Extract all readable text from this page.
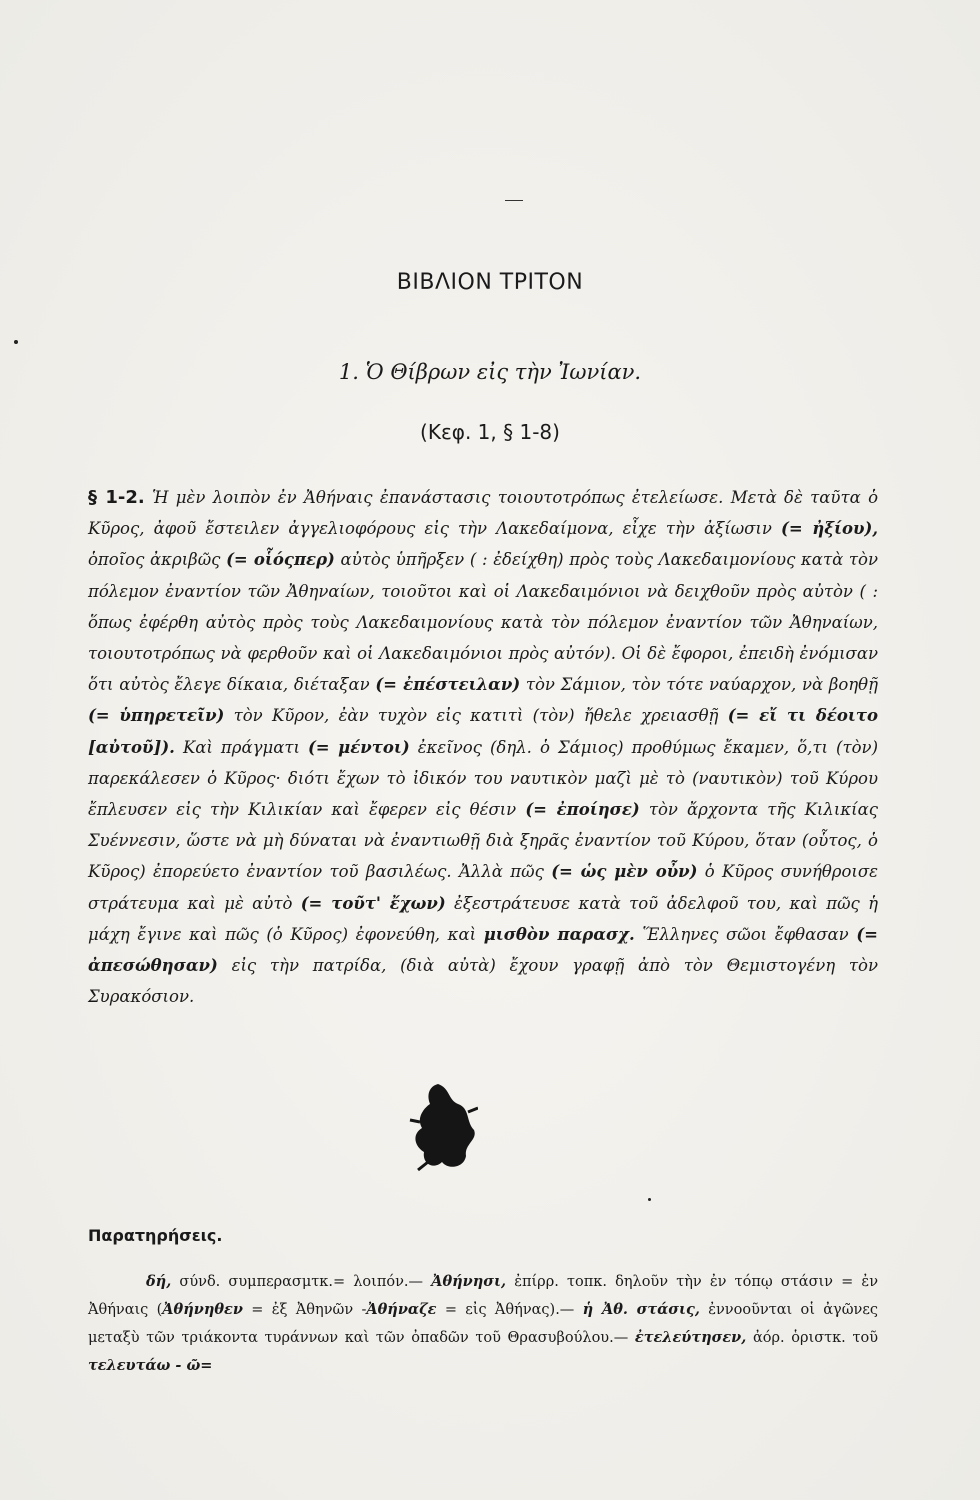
ΒΙΒΛΙΟΝ ΤΡΙΤΟΝ
1. Ὁ Θίβρων εἰς τὴν Ἰωνίαν.
(Κεφ. 1, § 1-8)
§ 1-2. Ἡ μὲν λοιπὸν ἐν Ἀθήναις ἐπανάστασις τοιουτοτρόπως ἐτελείωσε. Μετὰ δὲ ταῦτα ὁ Κῦρος, ἀφοῦ ἔστειλεν ἀγγελιοφόρους εἰς τὴν Λακεδαίμονα, εἶχε τὴν ἀξίωσιν (= ἠξίου), ὁποῖος ἀκριβῶς (= οἷόςπερ) αὐτὸς ὑπῆρξεν ( : ἐδείχθη) πρὸς τοὺς Λακεδαιμονίους κατὰ τὸν πόλεμον ἐναντίον τῶν Ἀθηναίων, τοιοῦτοι καὶ οἱ Λακεδαιμόνιοι νὰ δειχθοῦν πρὸς αὐτὸν ( : ὅπως ἐφέρθη αὐτὸς πρὸς τοὺς Λακεδαιμονίους κατὰ τὸν πόλεμον ἐναντίον τῶν Ἀθηναίων, τοιουτοτρόπως νὰ φερθοῦν καὶ οἱ Λακεδαιμόνιοι πρὸς αὐτόν). Οἱ δὲ ἔφοροι, ἐπειδὴ ἐνόμισαν ὅτι αὐτὸς ἔλεγε δίκαια, διέταξαν (= ἐπέστειλαν) τὸν Σάμιον, τὸν τότε ναύαρχον, νὰ βοηθῇ (= ὑπηρετεῖν) τὸν Κῦρον, ἐὰν τυχὸν εἰς κατιτὶ (τὸν) ἤθελε χρειασθῇ (= εἴ τι δέοιτο [αὐτοῦ]). Καὶ πράγματι (= μέντοι) ἐκεῖνος (δηλ. ὁ Σάμιος) προθύμως ἔκαμεν, ὅ,τι (τὸν) παρεκάλεσεν ὁ Κῦρος· διότι ἔχων τὸ ἰδικόν του ναυτικὸν μαζὶ μὲ τὸ (ναυτικὸν) τοῦ Κύρου ἔπλευσεν εἰς τὴν Κιλικίαν καὶ ἔφερεν εἰς θέσιν (= ἐποίησε) τὸν ἄρχοντα τῆς Κιλικίας Συέννεσιν, ὥστε νὰ μὴ δύναται νὰ ἐναντιωθῇ διὰ ξηρᾶς ἐναντίον τοῦ Κύρου, ὅταν (οὗτος, ὁ Κῦρος) ἐπορεύετο ἐναντίον τοῦ βασιλέως. Ἀλλὰ πῶς (= ὡς μὲν οὖν) ὁ Κῦρος συνήθροισε στράτευμα καὶ μὲ αὐτὸ (= τοῦτ' ἔχων) ἐξεστράτευσε κατὰ τοῦ ἀδελφοῦ του, καὶ πῶς ἡ μάχη ἔγινε καὶ πῶς (ὁ Κῦρος) ἐφονεύθη, καὶ μισθὸν παρασχ. Ἕλληνες σῶοι ἔφθασαν (= ἀπεσώθησαν) εἰς τὴν πατρίδα, (διὰ αὐτὰ) ἔχουν γραφῇ ἀπὸ τὸν Θεμιστογένη τὸν Συρακόσιον.
Παρατηρήσεις.
δή, σύνδ. συμπερασμτκ.= λοιπόν.— Ἀθήνησι, ἐπίρρ. τοπκ. δηλοῦν τὴν ἐν τόπῳ στάσιν = ἐν Ἀθήναις (Ἀθήνηθεν = ἐξ Ἀθηνῶν -Ἀθήναζε = εἰς Ἀθήνας).— ἡ Ἀθ. στάσις, ἐννοοῦνται οἱ ἀγῶνες μεταξὺ τῶν τριάκοντα τυράννων καὶ τῶν ὀπαδῶν τοῦ Θρασυβούλου.— ἐτελεύτησεν, ἀόρ. ὁριστκ. τοῦ τελευτάω - ῶ=
